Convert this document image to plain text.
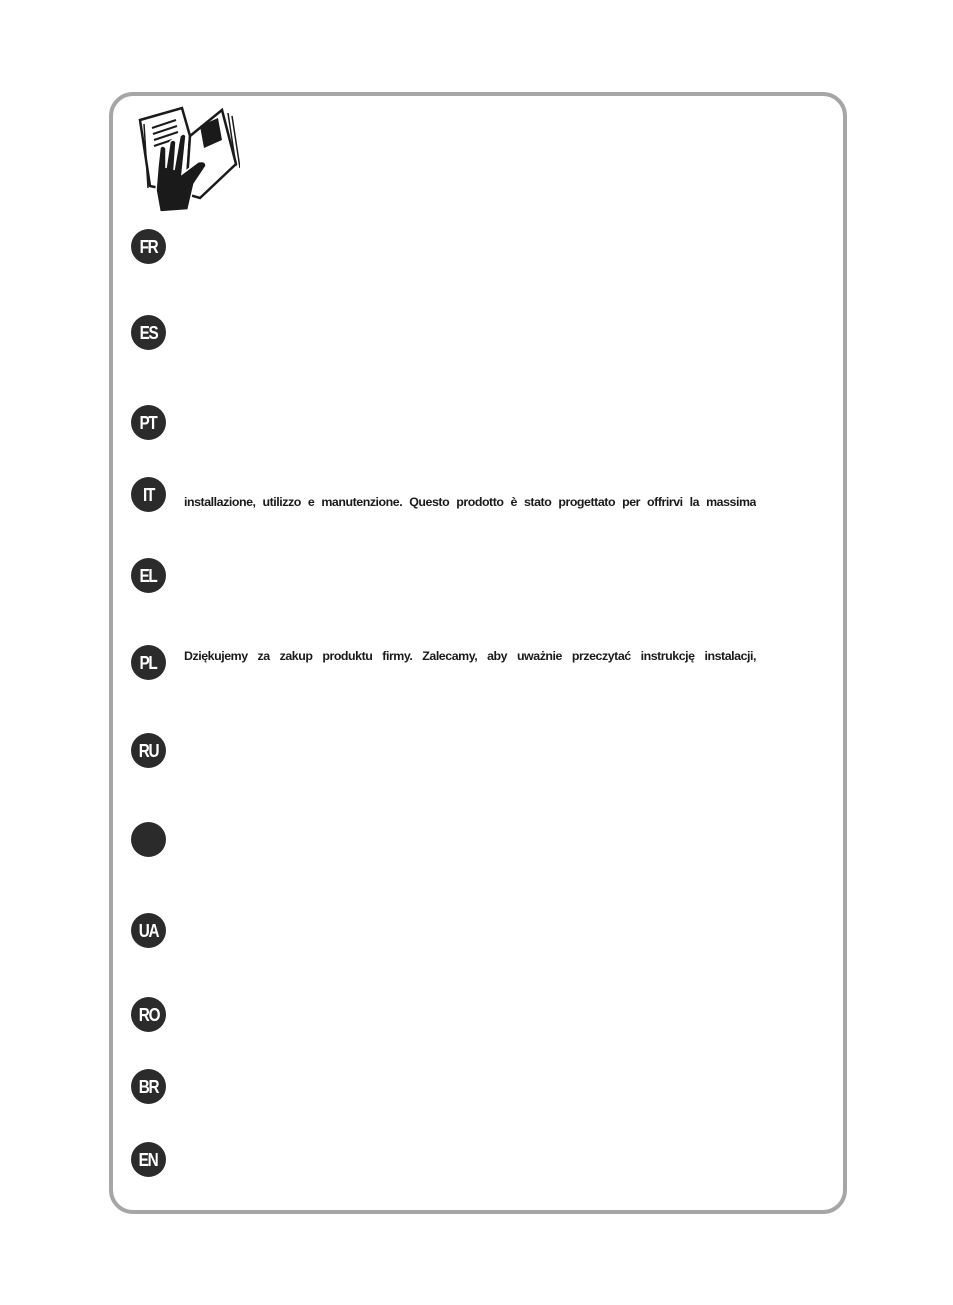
FR
ES
PT
IT installazione, utilizzo e manutenzione. Questo prodotto è stato progettato per offrirvi la massima
EL
PL Dziękujemy za zakup produktu firmy. Zalecamy, aby uważnie przeczytać instrukcję instalacji,
RU
UA
RO
BR
EN
